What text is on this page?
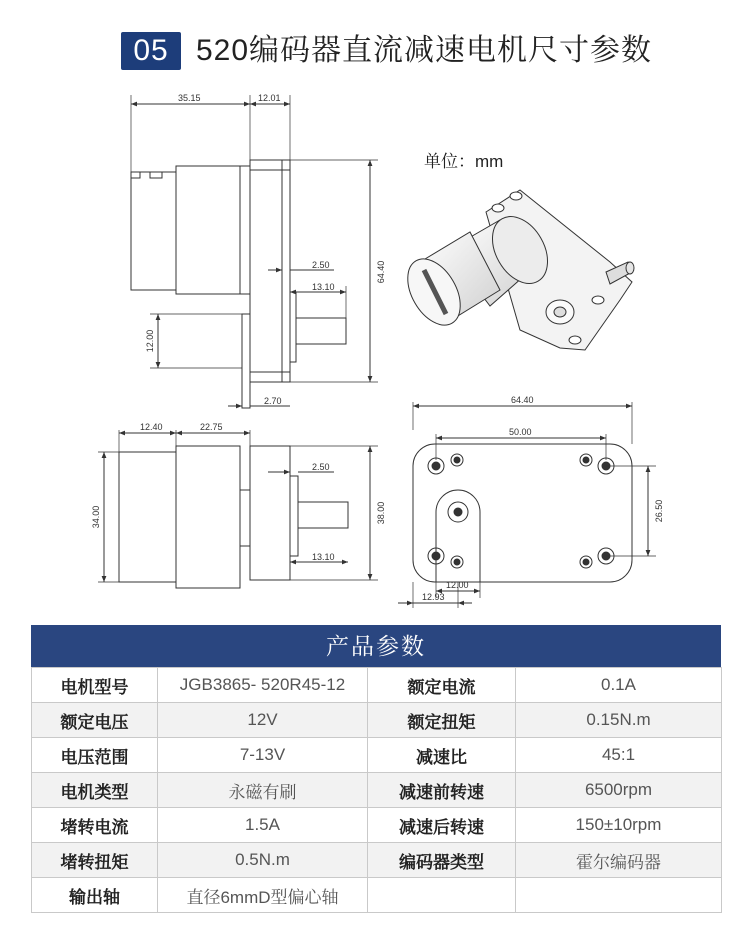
05 520编码器直流减速电机尺寸参数
35.15	12.01
64.40
2.50
13.10
12.00
2.70
12.40	22.75
34.00
2.50
38.00
13.10
64.40
50.00
26.50
12.00
12.93
单位：mm
产品参数
电机型号	JGB3865- 520R45-12	额定电流	0.1A
额定电压	12V	额定扭矩	0.15N.m
电压范围	7-13V	减速比	45:1
电机类型	永磁有刷	减速前转速	6500rpm
堵转电流	1.5A	减速后转速	150±10rpm
堵转扭矩	0.5N.m	编码器类型	霍尔编码器
输出轴	直径6mmD型偏心轴		
